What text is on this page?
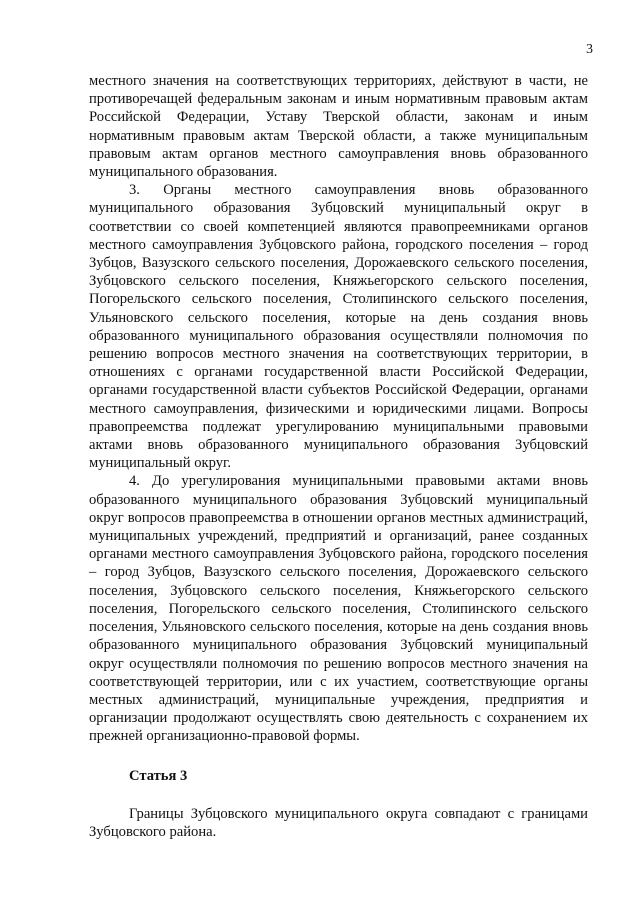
3

местного значения на соответствующих территориях, действуют в части, не противоречащей федеральным законам и иным нормативным правовым актам Российской Федерации, Уставу Тверской области, законам и иным нормативным правовым актам Тверской области, а также муниципальным правовым актам органов местного самоуправления вновь образованного муниципального образования.

3. Органы местного самоуправления вновь образованного муниципального образования Зубцовский муниципальный округ в соответствии со своей компетенцией являются правопреемниками органов местного самоуправления Зубцовского района, городского поселения – город Зубцов, Вазузского сельского поселения, Дорожаевского сельского поселения, Зубцовского сельского поселения, Княжьегорского сельского поселения, Погорельского сельского поселения, Столипинского сельского поселения, Ульяновского сельского поселения, которые на день создания вновь образованного муниципального образования осуществляли полномочия по решению вопросов местного значения на соответствующих территории, в отношениях с органами государственной власти Российской Федерации, органами государственной власти субъектов Российской Федерации, органами местного самоуправления, физическими и юридическими лицами. Вопросы правопреемства подлежат урегулированию муниципальными правовыми актами вновь образованного муниципального образования Зубцовский муниципальный округ.

4. До урегулирования муниципальными правовыми актами вновь образованного муниципального образования Зубцовский муниципальный округ вопросов правопреемства в отношении органов местных администраций, муниципальных учреждений, предприятий и организаций, ранее созданных органами местного самоуправления Зубцовского района, городского поселения – город Зубцов, Вазузского сельского поселения, Дорожаевского сельского поселения, Зубцовского сельского поселения, Княжьегорского сельского поселения, Погорельского сельского поселения, Столипинского сельского поселения, Ульяновского сельского поселения, которые на день создания вновь образованного муниципального образования Зубцовский муниципальный округ осуществляли полномочия по решению вопросов местного значения на соответствующей территории, или с их участием, соответствующие органы местных администраций, муниципальные учреждения, предприятия и организации продолжают осуществлять свою деятельность с сохранением их прежней организационно-правовой формы.

Статья 3

Границы Зубцовского муниципального округа совпадают с границами Зубцовского района.
